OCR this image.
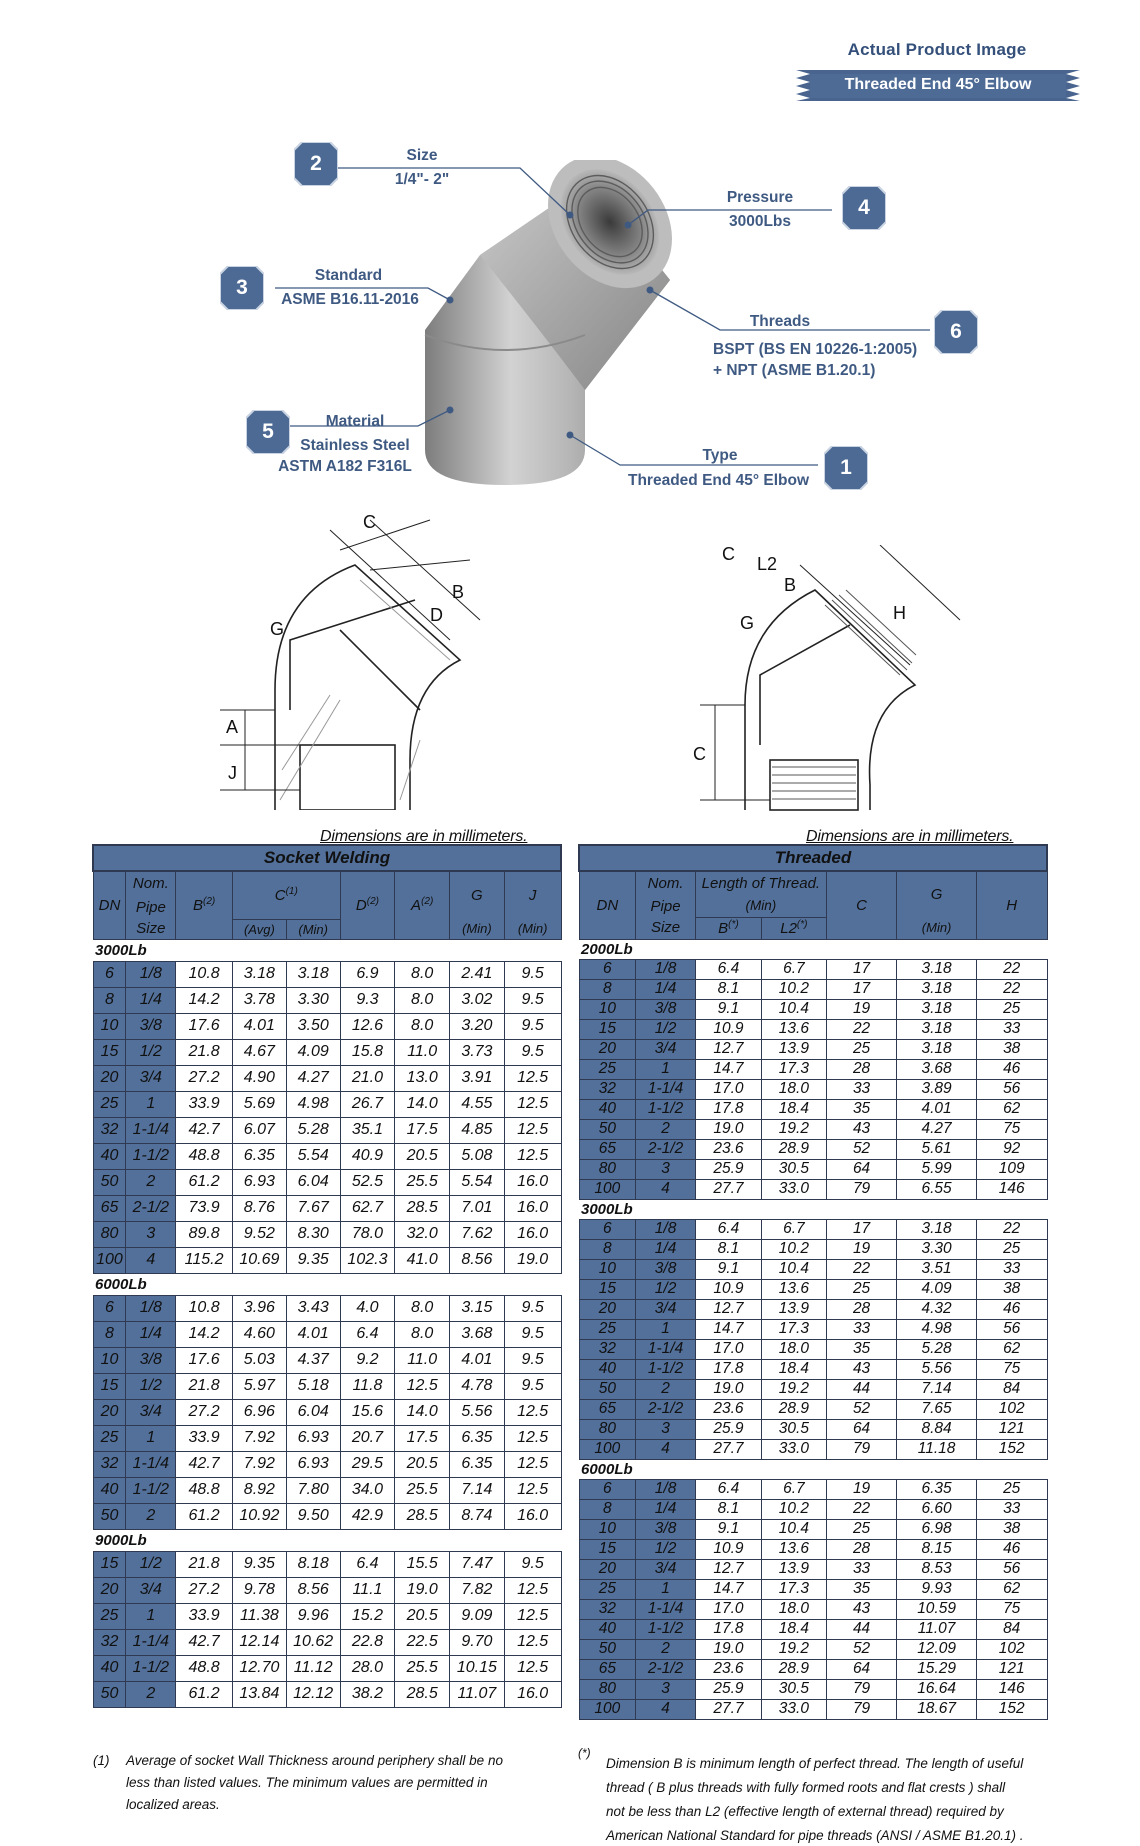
Actual Product Image
Threaded End 45° Elbow
2	Size
1/4"- 2"
4
Pressure
3000Lbs
3
Standard
ASME B16.11-2016
6
Threads
BSPT (BS EN 10226-1:2005)
+ NPT (ASME B1.20.1)
5	Material
Stainless Steel
ASTM A182 F316L	1
Type
Threaded End 45° Elbow
C
B
D
G
A
J
C L2
B
G	H
C
Dimensions are in millimeters.	Dimensions are in millimeters.
Socket Welding								
DN	Nom.	$B^{(2)}$	$C^{(1)}$		$D^{(2)}$	$A^{(2)}$	G	J
	Pipe							
	Size		(Avg)	(Min)			(Min)	(Min)
3000Lb								
6	1/8	10.8	3.18	3.18	6.9	8.0	2.41	9.5
8	1/4	14.2	3.78	3.30	9.3	8.0	3.02	9.5
10	3/8	17.6	4.01	3.50	12.6	8.0	3.20	9.5
15	1/2	21.8	4.67	4.09	15.8	11.0	3.73	9.5
20	3/4	27.2	4.90	4.27	21.0	13.0	3.91	12.5
25	1	33.9	5.69	4.98	26.7	14.0	4.55	12.5
32	1-1/4	42.7	6.07	5.28	35.1	17.5	4.85	12.5
40	1-1/2	48.8	6.35	5.54	40.9	20.5	5.08	12.5
50	2	61.2	6.93	6.04	52.5	25.5	5.54	16.0
65	2-1/2	73.9	8.76	7.67	62.7	28.5	7.01	16.0
80	3	89.8	9.52	8.30	78.0	32.0	7.62	16.0
100	4	115.2	10.69	9.35	102.3	41.0	8.56	19.0
6000Lb								
6	1/8	10.8	3.96	3.43	4.0	8.0	3.15	9.5
8	1/4	14.2	4.60	4.01	6.4	8.0	3.68	9.5
10	3/8	17.6	5.03	4.37	9.2	11.0	4.01	9.5
15	1/2	21.8	5.97	5.18	11.8	12.5	4.78	9.5
20	3/4	27.2	6.96	6.04	15.6	14.0	5.56	12.5
25	1	33.9	7.92	6.93	20.7	17.5	6.35	12.5
32	1-1/4	42.7	7.92	6.93	29.5	20.5	6.35	12.5
40	1-1/2	48.8	8.92	7.80	34.0	25.5	7.14	12.5
50	2	61.2	10.92	9.50	42.9	28.5	8.74	16.0
9000Lb								
15	1/2	21.8	9.35	8.18	6.4	15.5	7.47	9.5
20	3/4	27.2	9.78	8.56	11.1	19.0	7.82	12.5
25	1	33.9	11.38	9.96	15.2	20.5	9.09	12.5
32	1-1/4	42.7	12.14	10.62	22.8	22.5	9.70	12.5
40	1-1/2	48.8	12.70	11.12	28.0	25.5	10.15	12.5
50	2	61.2	13.84	12.12	38.2	28.5	11.07	16.0
Threaded						
DN	Nom.	Length of Thread.		C	G	H
	Pipe	(Min)				
	Size	B(*)	L2(*)		(Min)	
2000Lb						
6	1/8	6.4	6.7	17	3.18	22
8	1/4	8.1	10.2	17	3.18	22
10	3/8	9.1	10.4	19	3.18	25
15	1/2	10.9	13.6	22	3.18	33
20	3/4	12.7	13.9	25	3.18	38
25	1	14.7	17.3	28	3.68	46
32	1-1/4	17.0	18.0	33	3.89	56
40	1-1/2	17.8	18.4	35	4.01	62
50	2	19.0	19.2	43	4.27	75
65	2-1/2	23.6	28.9	52	5.61	92
80	3	25.9	30.5	64	5.99	109
100	4	27.7	33.0	79	6.55	146
3000Lb						
6	1/8	6.4	6.7	17	3.18	22
8	1/4	8.1	10.2	19	3.30	25
10	3/8	9.1	10.4	22	3.51	33
15	1/2	10.9	13.6	25	4.09	38
20	3/4	12.7	13.9	28	4.32	46
25	1	14.7	17.3	33	4.98	56
32	1-1/4	17.0	18.0	35	5.28	62
40	1-1/2	17.8	18.4	43	5.56	75
50	2	19.0	19.2	44	7.14	84
65	2-1/2	23.6	28.9	52	7.65	102
80	3	25.9	30.5	64	8.84	121
100	4	27.7	33.0	79	11.18	152
6000Lb						
6	1/8	6.4	6.7	19	6.35	25
8	1/4	8.1	10.2	22	6.60	33
10	3/8	9.1	10.4	25	6.98	38
15	1/2	10.9	13.6	28	8.15	46
20	3/4	12.7	13.9	33	8.53	56
25	1	14.7	17.3	35	9.93	62
32	1-1/4	17.0	18.0	43	10.59	75
40	1-1/2	17.8	18.4	44	11.07	84
50	2	19.0	19.2	52	12.09	102
65	2-1/2	23.6	28.9	64	15.29	121
80	3	25.9	30.5	79	16.64	146
100	4	27.7	33.0	79	18.67	152
(1) Average of socket Wall Thickness around periphery shall be no
less than listed values. The minimum values are permitted in
localized areas.
(*)
Dimension B is minimum length of perfect thread. The length of useful
thread ( B plus threads with fully formed roots and flat crests ) shall
not be less than L2 (effective length of external thread) required by
American National Standard for pipe threads (ANSI / ASME B1.20.1) .
